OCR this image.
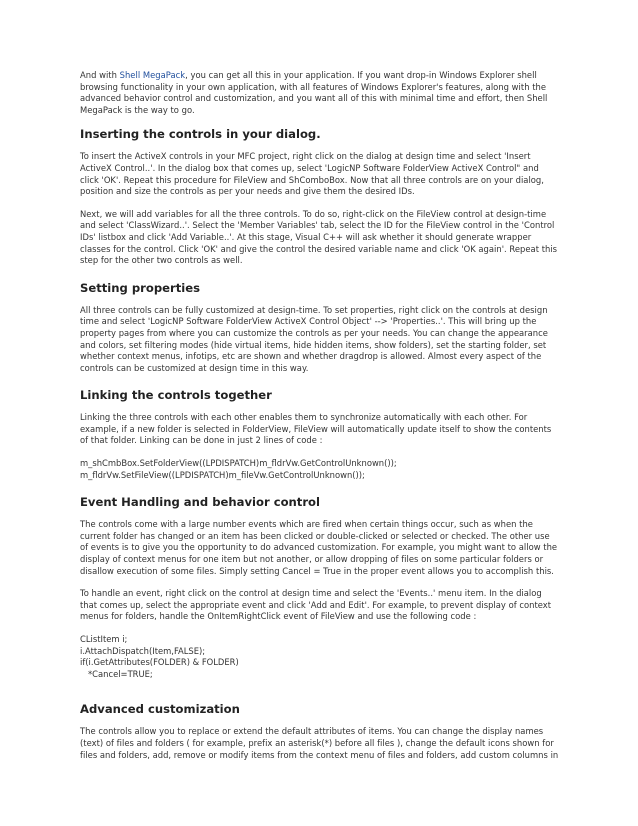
And with Shell MegaPack, you can get all this in your application. If you want drop-in Windows Explorer shell browsing functionality in your own application, with all features of Windows Explorer's features, along with the advanced behavior control and customization, and you want all of this with minimal time and effort, then Shell MegaPack is the way to go.

Inserting the controls in your dialog.

To insert the ActiveX controls in your MFC project, right click on the dialog at design time and select 'Insert ActiveX Control..'. In the dialog box that comes up, select 'LogicNP Software FolderView ActiveX Control" and click 'OK'. Repeat this procedure for FileView and ShComboBox. Now that all three controls are on your dialog, position and size the controls as per your needs and give them the desired IDs.

Next, we will add variables for all the three controls. To do so, right-click on the FileView control at design-time and select 'ClassWizard..'. Select the 'Member Variables' tab, select the ID for the FileView control in the 'Control IDs' listbox and click 'Add Variable..'. At this stage, Visual C++ will ask whether it should generate wrapper classes for the control. Click 'OK' and give the control the desired variable name and click 'OK again'. Repeat this step for the other two controls as well.

Setting properties

All three controls can be fully customized at design-time. To set properties, right click on the controls at design time and select 'LogicNP Software FolderView ActiveX Control Object' --> 'Properties..'. This will bring up the property pages from where you can customize the controls as per your needs. You can change the appearance and colors, set filtering modes (hide virtual items, hide hidden items, show folders), set the starting folder, set whether context menus, infotips, etc are shown and whether dragdrop is allowed. Almost every aspect of the controls can be customized at design time in this way.

Linking the controls together

Linking the three controls with each other enables them to synchronize automatically with each other. For example, if a new folder is selected in FolderView, FileView will automatically update itself to show the contents of that folder. Linking can be done in just 2 lines of code :

m_shCmbBox.SetFolderView((LPDISPATCH)m_fldrVw.GetControlUnknown());
m_fldrVw.SetFileView((LPDISPATCH)m_fileVw.GetControlUnknown());
Event Handling and behavior control

The controls come with a large number events which are fired when certain things occur, such as when the current folder has changed or an item has been clicked or double-clicked or selected or checked. The other use of events is to give you the opportunity to do advanced customization. For example, you might want to allow the display of context menus for one item but not another, or allow dropping of files on some particular folders or disallow execution of some files. Simply setting Cancel = True in the proper event allows you to accomplish this.

To handle an event, right click on the control at design time and select the 'Events..' menu item. In the dialog that comes up, select the appropriate event and click 'Add and Edit'. For example, to prevent display of context menus for folders, handle the OnItemRightClick event of FileView and use the following code :

CListItem i;
i.AttachDispatch(Item,FALSE);
if(i.GetAttributes(FOLDER) & FOLDER)
*Cancel=TRUE;
Advanced customization

The controls allow you to replace or extend the default attributes of items. You can change the display names (text) of files and folders ( for example, prefix an asterisk(*) before all files ), change the default icons shown for files and folders, add, remove or modify items from the context menu of files and folders, add custom columns in
